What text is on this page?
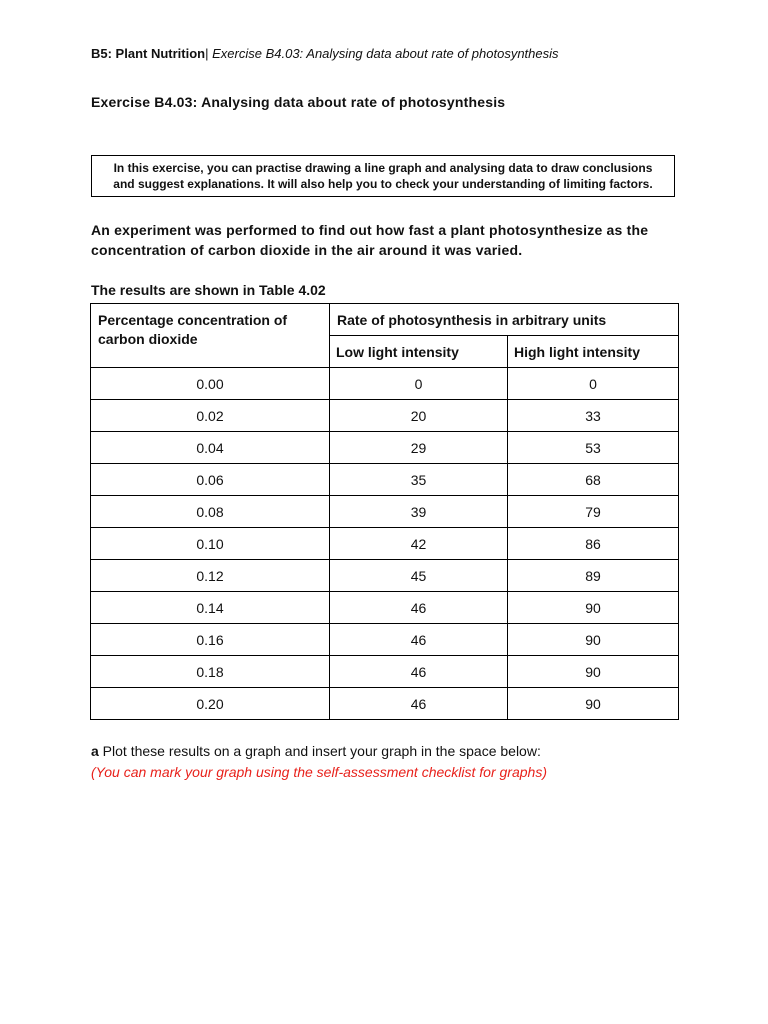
B5: Plant Nutrition| Exercise B4.03: Analysing data about rate of photosynthesis
Exercise B4.03: Analysing data about rate of photosynthesis
In this exercise, you can practise drawing a line graph and analysing data to draw conclusions
and suggest explanations. It will also help you to check your understanding of limiting factors.
An experiment was performed to find out how fast a plant photosynthesize as the
concentration of carbon dioxide in the air around it was varied.
The results are shown in Table 4.02
Percentage concentration of
carbon dioxide	Rate of photosynthesis in arbitrary units	
	Low light intensity	High light intensity
0.00	0	0
0.02	20	33
0.04	29	53
0.06	35	68
0.08	39	79
0.10	42	86
0.12	45	89
0.14	46	90
0.16	46	90
0.18	46	90
0.20	46	90
a Plot these results on a graph and insert your graph in the space below:
(You can mark your graph using the self-assessment checklist for graphs)
